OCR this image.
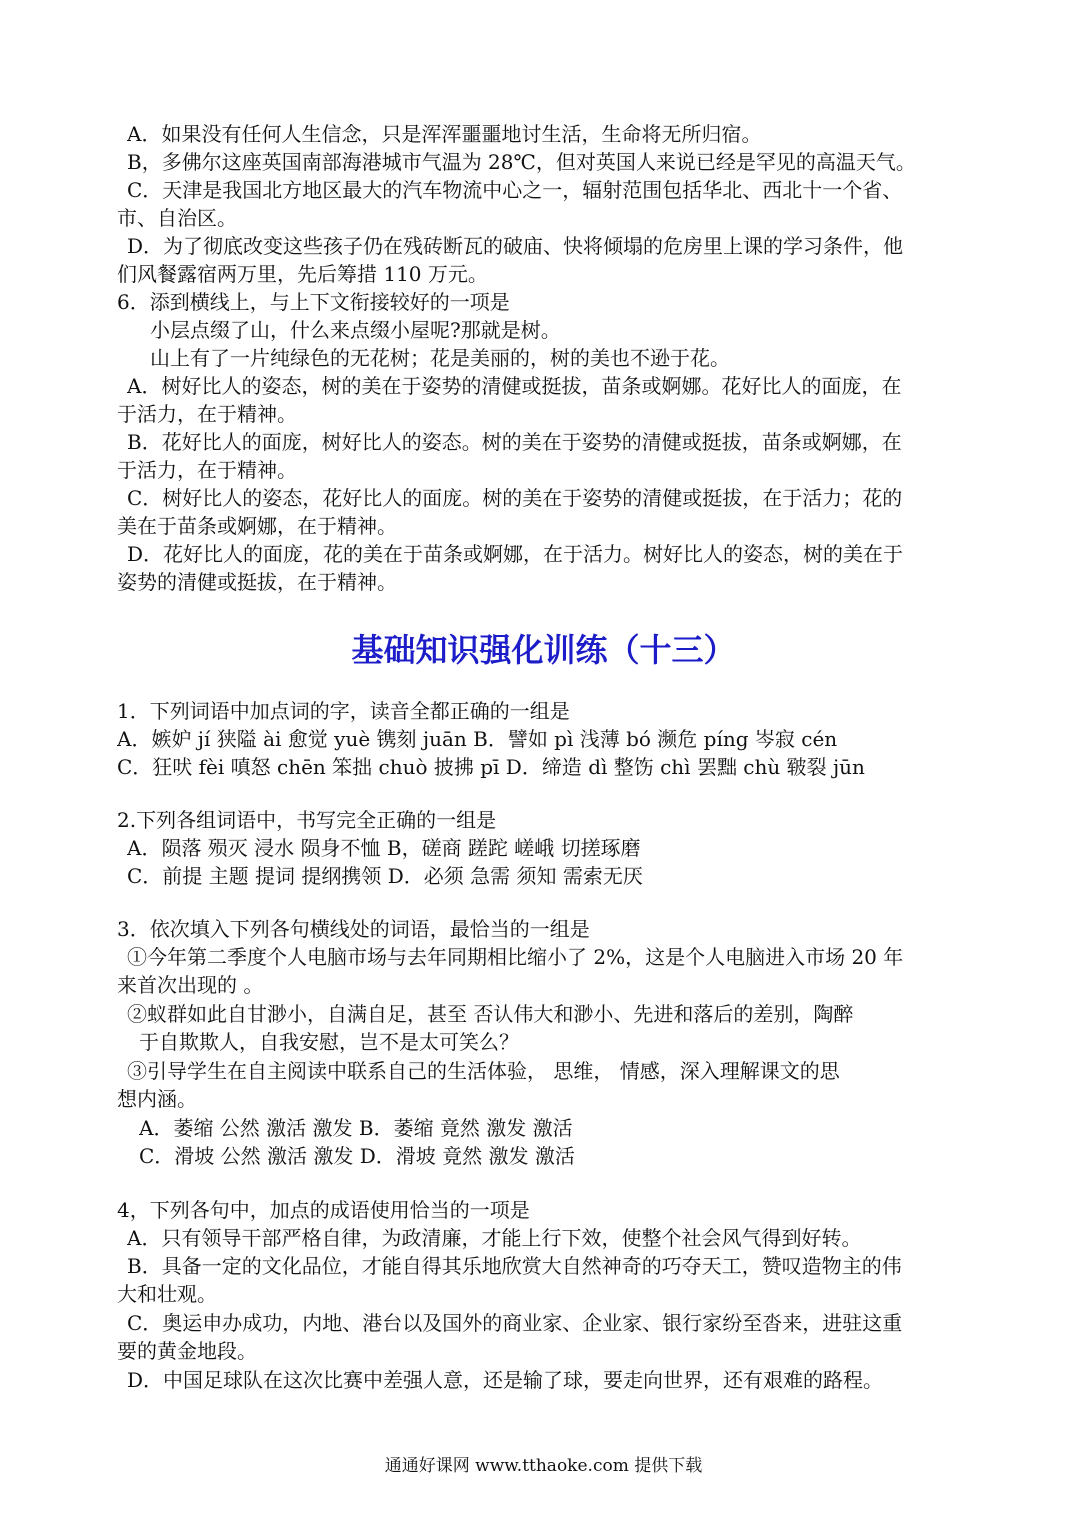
A．如果没有任何人生信念，只是浑浑噩噩地讨生活，生命将无所归宿。
B，多佛尔这座英国南部海港城市气温为 28℃，但对英国人来说已经是罕见的高温天气。
C．天津是我国北方地区最大的汽车物流中心之一，辐射范围包括华北、西北十一个省、
市、自治区。
D．为了彻底改变这些孩子仍在残砖断瓦的破庙、快将倾塌的危房里上课的学习条件，他
们风餐露宿两万里，先后筹措 110 万元。
6．添到横线上，与上下文衔接较好的一项是
小层点缀了山，什么来点缀小屋呢?那就是树。
山上有了一片纯绿色的无花树；花是美丽的，树的美也不逊于花。
A．树好比人的姿态，树的美在于姿势的清健或挺拔，苗条或婀娜。花好比人的面庞，在
于活力，在于精神。
B．花好比人的面庞，树好比人的姿态。树的美在于姿势的清健或挺拔，苗条或婀娜，在
于活力，在于精神。
C．树好比人的姿态，花好比人的面庞。树的美在于姿势的清健或挺拔，在于活力；花的
美在于苗条或婀娜，在于精神。
D．花好比人的面庞，花的美在于苗条或婀娜，在于活力。树好比人的姿态，树的美在于
姿势的清健或挺拔，在于精神。
基础知识强化训练（十三）
1．下列词语中加点词的字，读音全都正确的一组是
A．嫉妒 jí 狭隘 ài 愈觉 yuè 镌刻 juān B．譬如 pì 浅薄 bó 濒危 píng 岑寂 cén
C．狂吠 fèi 嗔怒 chēn 笨拙 chuò 披拂 pī D．缔造 dì 整饬 chì 罢黜 chù 皲裂 jūn
2.下列各组词语中，书写完全正确的一组是
A．陨落 殒灭 浸水 陨身不恤 B，磋商 蹉跎 嵯峨 切搓琢磨
C．前提 主题 提词 提纲携领 D．必须 急需 须知 需索无厌
3．依次填入下列各句横线处的词语，最恰当的一组是
①今年第二季度个人电脑市场与去年同期相比缩小了 2%，这是个人电脑进入市场 20 年
来首次出现的 。
②蚁群如此自甘渺小，自满自足，甚至 否认伟大和渺小、先进和落后的差别，陶醉
于自欺欺人，自我安慰，岂不是太可笑么？
③引导学生在自主阅读中联系自己的生活体验， 思维， 情感，深入理解课文的思
想内涵。
A．萎缩 公然 激活 激发 B．萎缩 竟然 激发 激活
C．滑坡 公然 激活 激发 D．滑坡 竟然 激发 激活
4，下列各句中，加点的成语使用恰当的一项是
A．只有领导干部严格自律，为政清廉，才能上行下效，使整个社会风气得到好转。
B．具备一定的文化品位，才能自得其乐地欣赏大自然神奇的巧夺天工，赞叹造物主的伟
大和壮观。
C．奥运申办成功，内地、港台以及国外的商业家、企业家、银行家纷至沓来，进驻这重
要的黄金地段。
D．中国足球队在这次比赛中差强人意，还是输了球，要走向世界，还有艰难的路程。
通通好课网 www.tthaoke.com 提供下载
